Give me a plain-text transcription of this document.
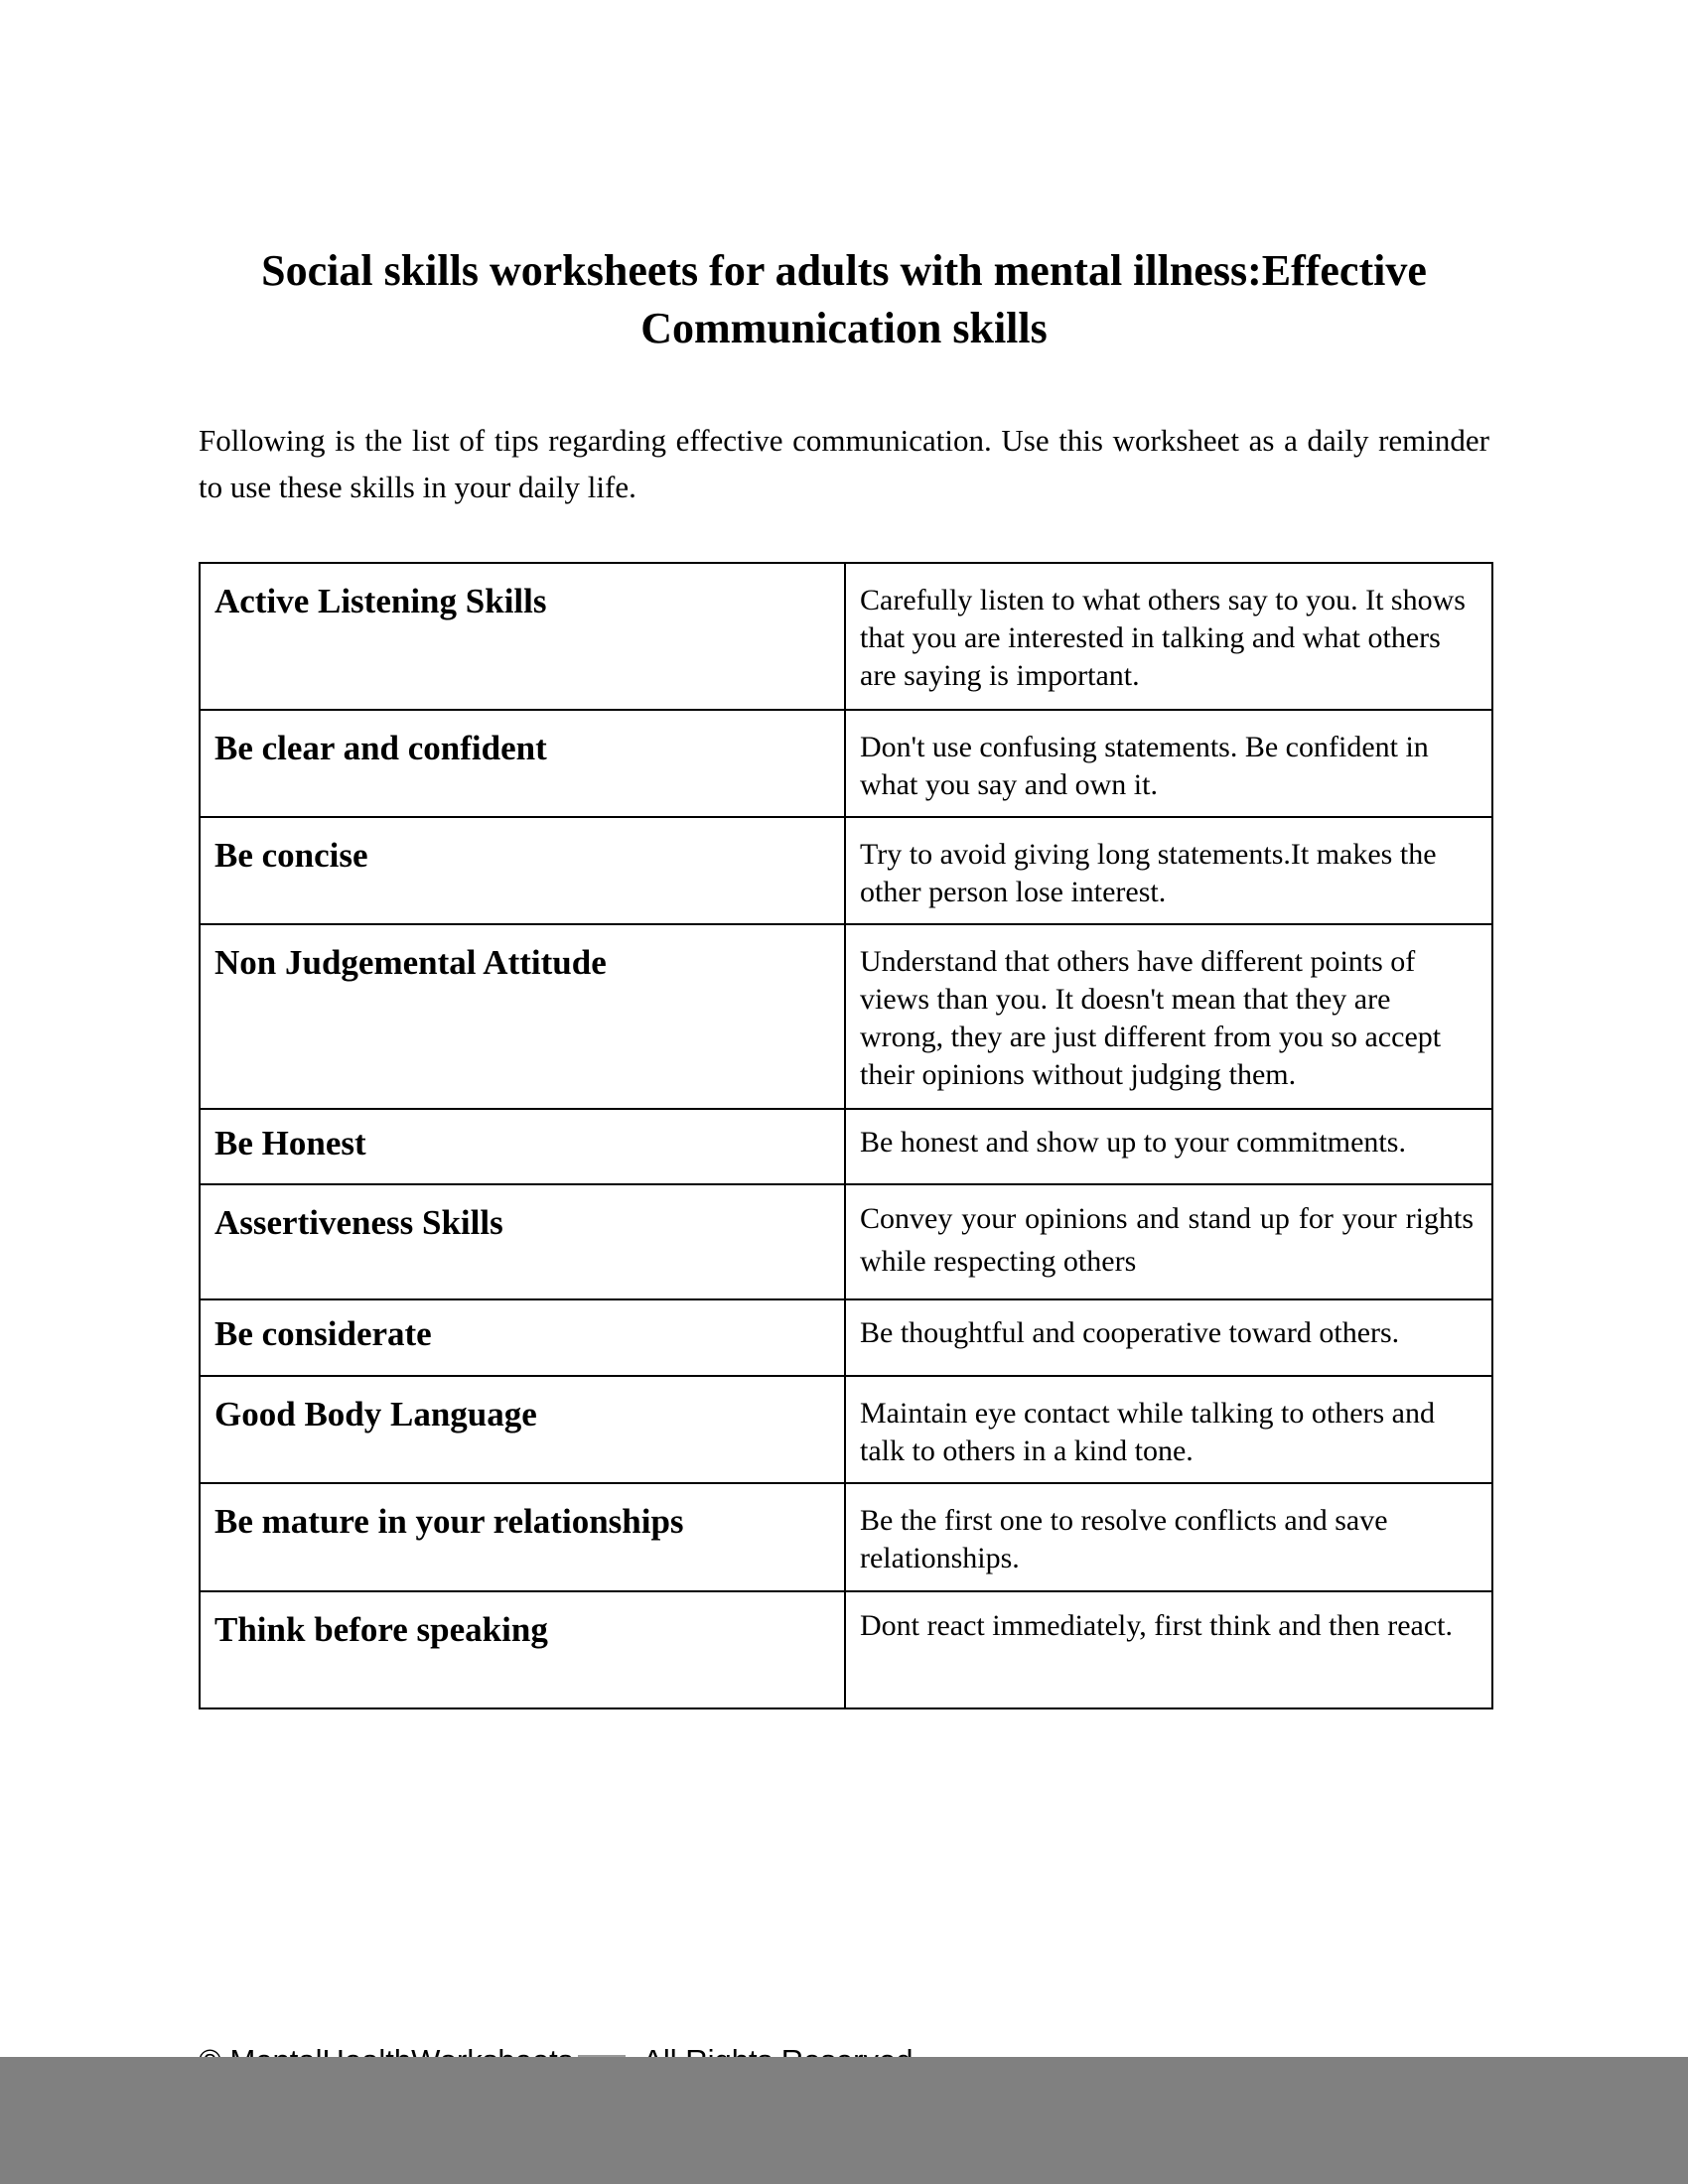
Social skills worksheets for adults with mental illness:Effective
Communication skills

Following is the list of tips regarding effective communication. Use this worksheet as a daily reminder to use these skills in your daily life.

Active Listening Skills	Carefully listen to what others say to you. It shows that you are interested in talking and what others are saying is important.

Be clear and confident	Don't use confusing statements. Be confident in what you say and own it.

Be concise	Try to avoid giving long statements.It makes the other person lose interest.

Non Judgemental Attitude	Understand that others have different points of views than you. It doesn't mean that they are wrong, they are just different from you so accept their opinions without judging them.

Be Honest	Be honest and show up to your commitments.

Assertiveness Skills	Convey your opinions and stand up for your rights while respecting others

Be considerate	Be thoughtful and cooperative toward others.

Good Body Language	Maintain eye contact while talking to others and talk to others in a kind tone.

Be mature in your relationships	Be the first one to resolve conflicts and save relationships.

Think before speaking	Dont react immediately, first think and then react.
